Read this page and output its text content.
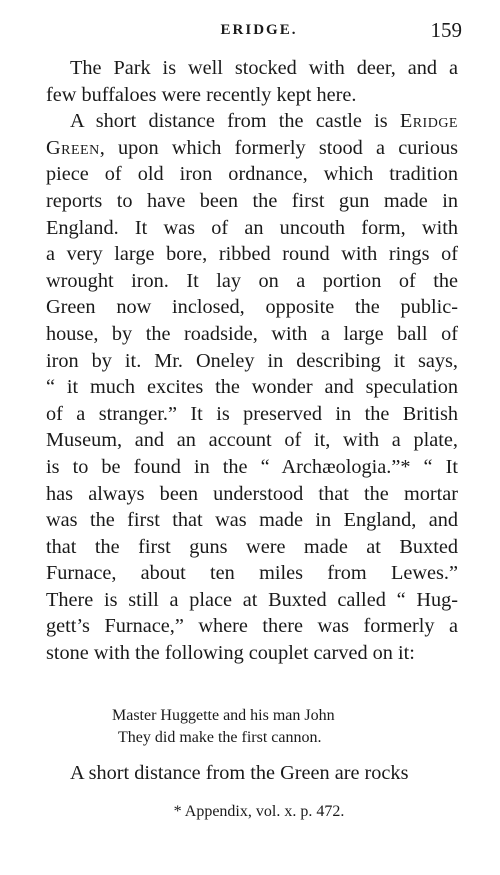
ERIDGE.	159
The Park is well stocked with deer, and a
few buffaloes were recently kept here.
A short distance from the castle is Eridge
Green, upon which formerly stood a curious
piece of old iron ordnance, which tradition
reports to have been the first gun made in
England. It was of an uncouth form, with
a very large bore, ribbed round with rings of
wrought iron. It lay on a portion of the
Green now inclosed, opposite the public-
house, by the roadside, with a large ball of
iron by it. Mr. Oneley in describing it says,
“ it much excites the wonder and speculation
of a stranger.” It is preserved in the British
Museum, and an account of it, with a plate,
is to be found in the “ Archæologia.”* “ It
has always been understood that the mortar
was the first that was made in England, and
that the first guns were made at Buxted
Furnace, about ten miles from Lewes.”
There is still a place at Buxted called “ Hug-
gett’s Furnace,” where there was formerly a
stone with the following couplet carved on it:
Master Huggette and his man John
They did make the first cannon.
A short distance from the Green are rocks
* Appendix, vol. x. p. 472.
